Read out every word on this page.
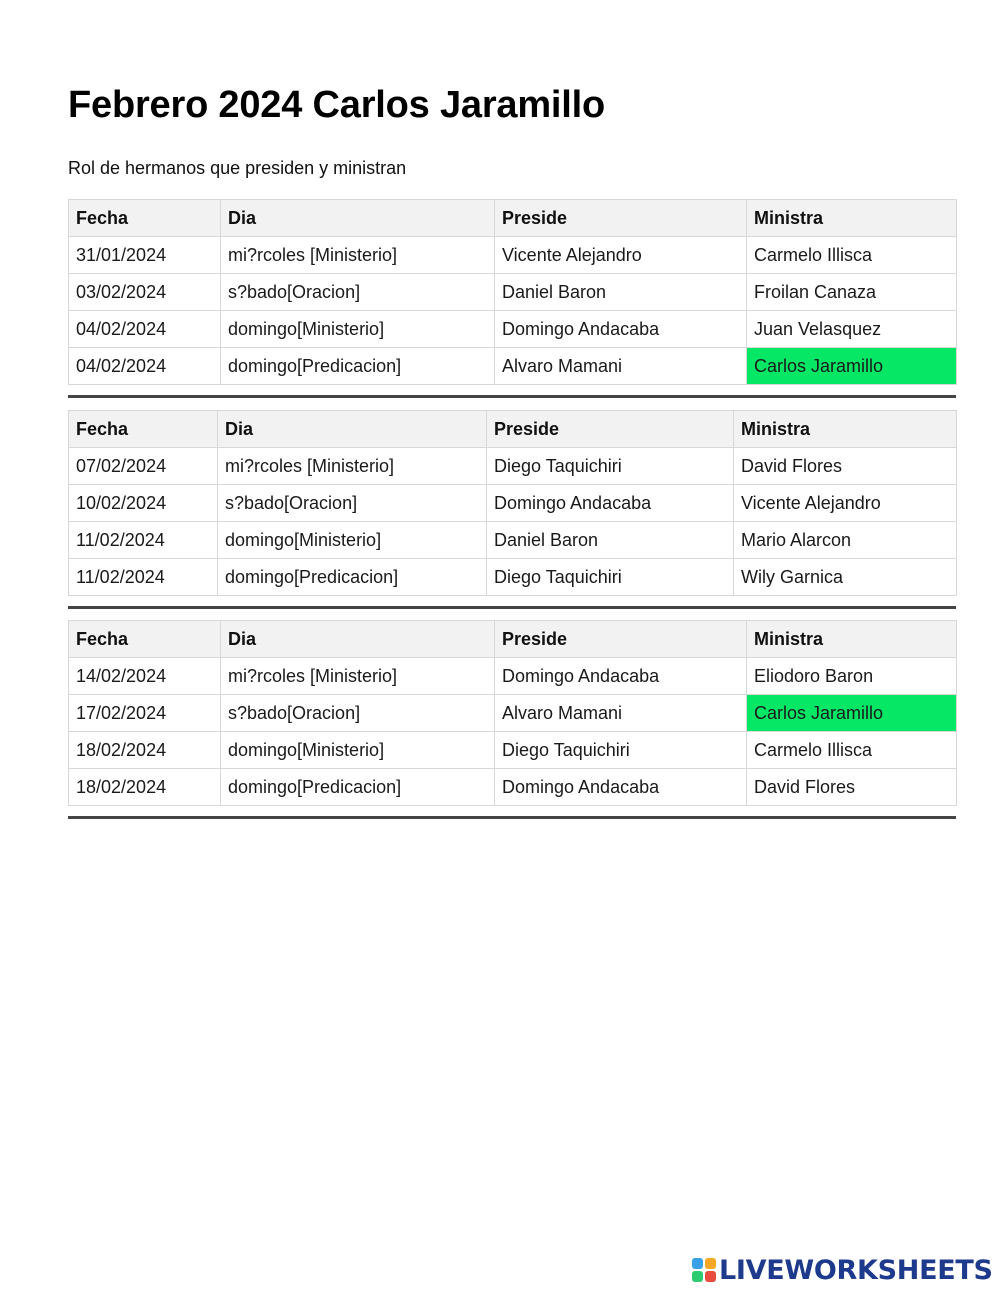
Febrero 2024 Carlos Jaramillo

Rol de hermanos que presiden y ministran

Fecha	Dia	Preside	Ministra
31/01/2024	mi?rcoles [Ministerio]	Vicente Alejandro	Carmelo Illisca
03/02/2024	s?bado[Oracion]	Daniel Baron	Froilan Canaza
04/02/2024	domingo[Ministerio]	Domingo Andacaba	Juan Velasquez
04/02/2024	domingo[Predicacion]	Alvaro Mamani	Carlos Jaramillo
Fecha	Dia	Preside	Ministra
07/02/2024	mi?rcoles [Ministerio]	Diego Taquichiri	David Flores
10/02/2024	s?bado[Oracion]	Domingo Andacaba	Vicente Alejandro
11/02/2024	domingo[Ministerio]	Daniel Baron	Mario Alarcon
11/02/2024	domingo[Predicacion]	Diego Taquichiri	Wily Garnica
Fecha	Dia	Preside	Ministra
14/02/2024	mi?rcoles [Ministerio]	Domingo Andacaba	Eliodoro Baron
17/02/2024	s?bado[Oracion]	Alvaro Mamani	Carlos Jaramillo
18/02/2024	domingo[Ministerio]	Diego Taquichiri	Carmelo Illisca
18/02/2024	domingo[Predicacion]	Domingo Andacaba	David Flores
LIVEWORKSHEETS
